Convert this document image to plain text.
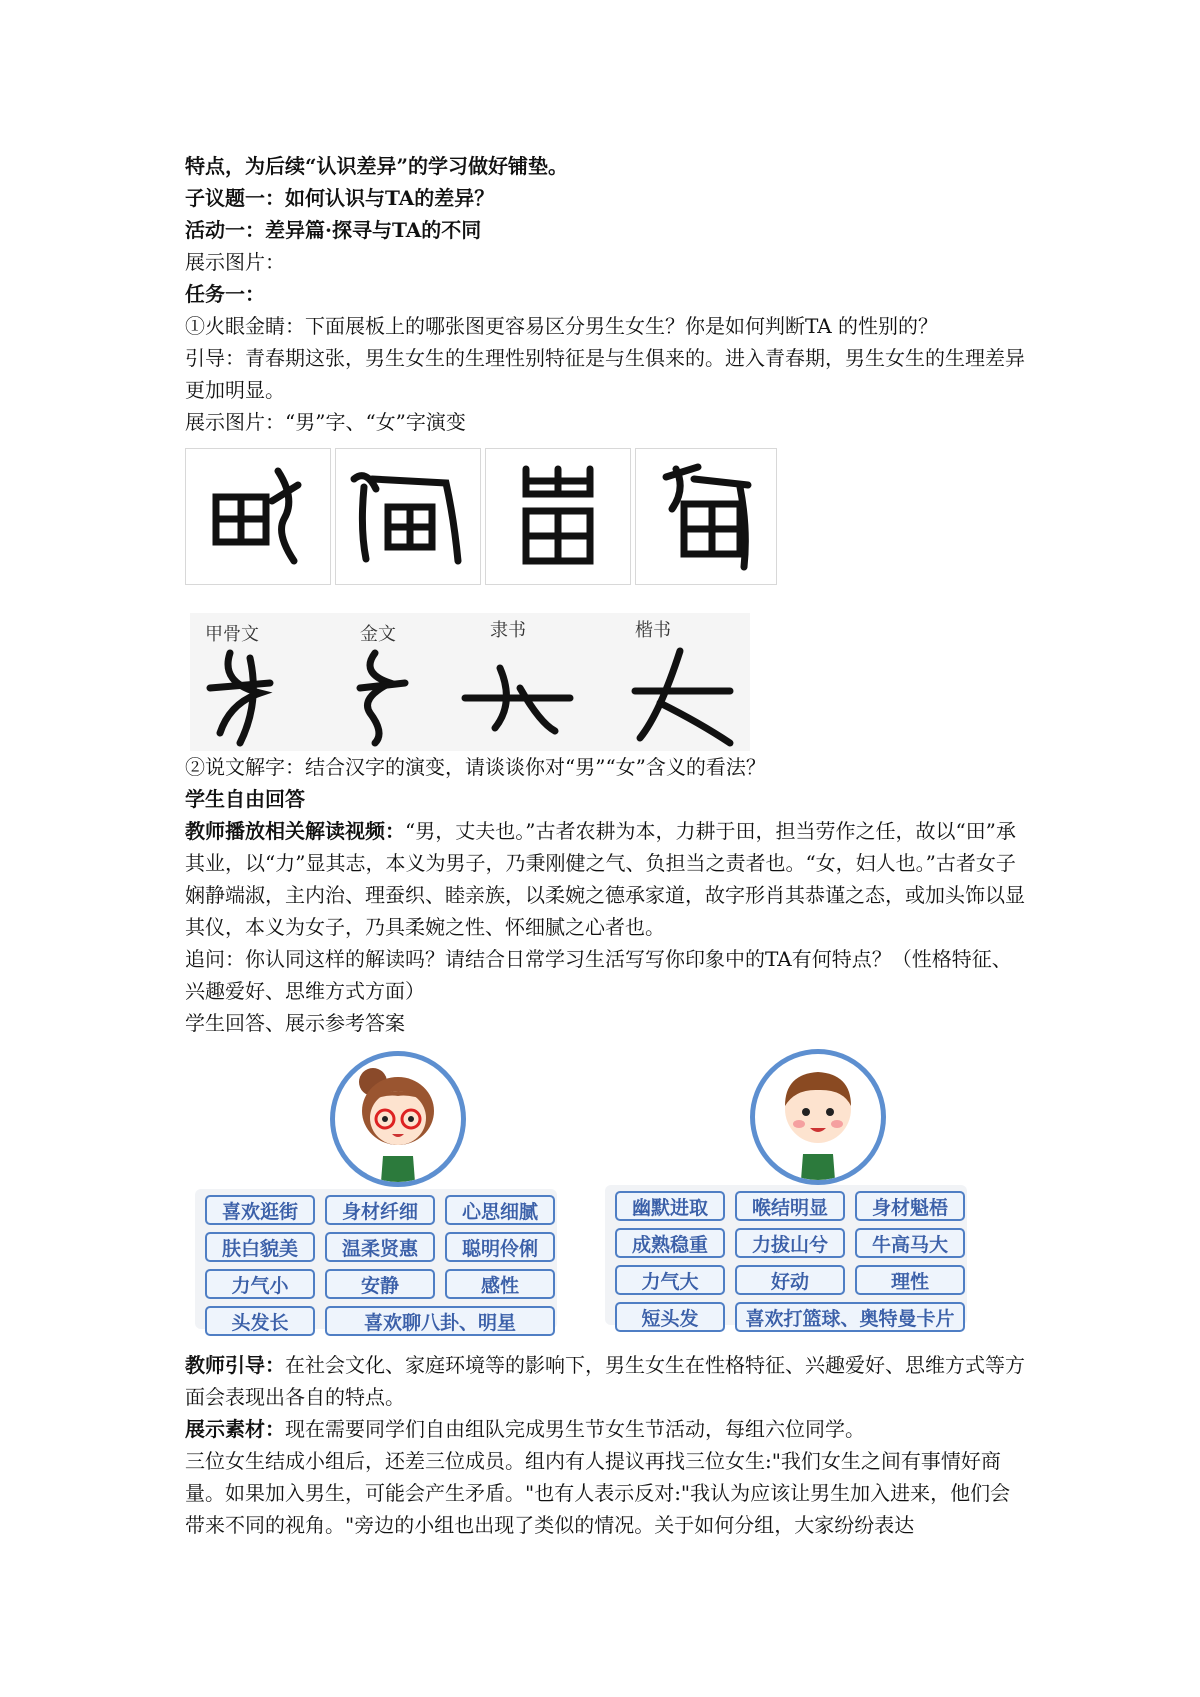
特点，为后续“认识差异”的学习做好铺垫。
子议题一：如何认识与TA的差异？
活动一：差异篇·探寻与TA的不同
展示图片：
任务一：
①火眼金睛：下面展板上的哪张图更容易区分男生女生？你是如何判断TA 的性别的？
引导：青春期这张，男生女生的生理性别特征是与生俱来的。进入青春期，男生女生的生理差异更加明显。
展示图片：“男”字、“女”字演变
甲骨文	金文	隶书	楷书
②说文解字：结合汉字的演变，请谈谈你对“男”“女”含义的看法？
学生自由回答
教师播放相关解读视频：“男，丈夫也。”古者农耕为本，力耕于田，担当劳作之任，故以“田”承其业，以“力”显其志，本义为男子，乃秉刚健之气、负担当之责者也。“女，妇人也。”古者女子娴静端淑，主内治、理蚕织、睦亲族，以柔婉之德承家道，故字形肖其恭谨之态，或加头饰以显其仪，本义为女子，乃具柔婉之性、怀细腻之心者也。
追问：你认同这样的解读吗？请结合日常学习生活写写你印象中的TA有何特点？（性格特征、兴趣爱好、思维方式方面）
学生回答、展示参考答案
喜欢逛街	身材纤细	心思细腻
肤白貌美	温柔贤惠	聪明伶俐
力气小	安静	感性
头发长	喜欢聊八卦、明星
幽默进取	喉结明显	身材魁梧
成熟稳重	力拔山兮	牛高马大
力气大	好动	理性
短头发	喜欢打篮球、奥特曼卡片
教师引导：在社会文化、家庭环境等的影响下，男生女生在性格特征、兴趣爱好、思维方式等方面会表现出各自的特点。
展示素材：现在需要同学们自由组队完成男生节女生节活动，每组六位同学。
三位女生结成小组后，还差三位成员。组内有人提议再找三位女生:"我们女生之间有事情好商量。如果加入男生，可能会产生矛盾。"也有人表示反对:"我认为应该让男生加入进来，他们会带来不同的视角。"旁边的小组也出现了类似的情况。关于如何分组，大家纷纷表达
